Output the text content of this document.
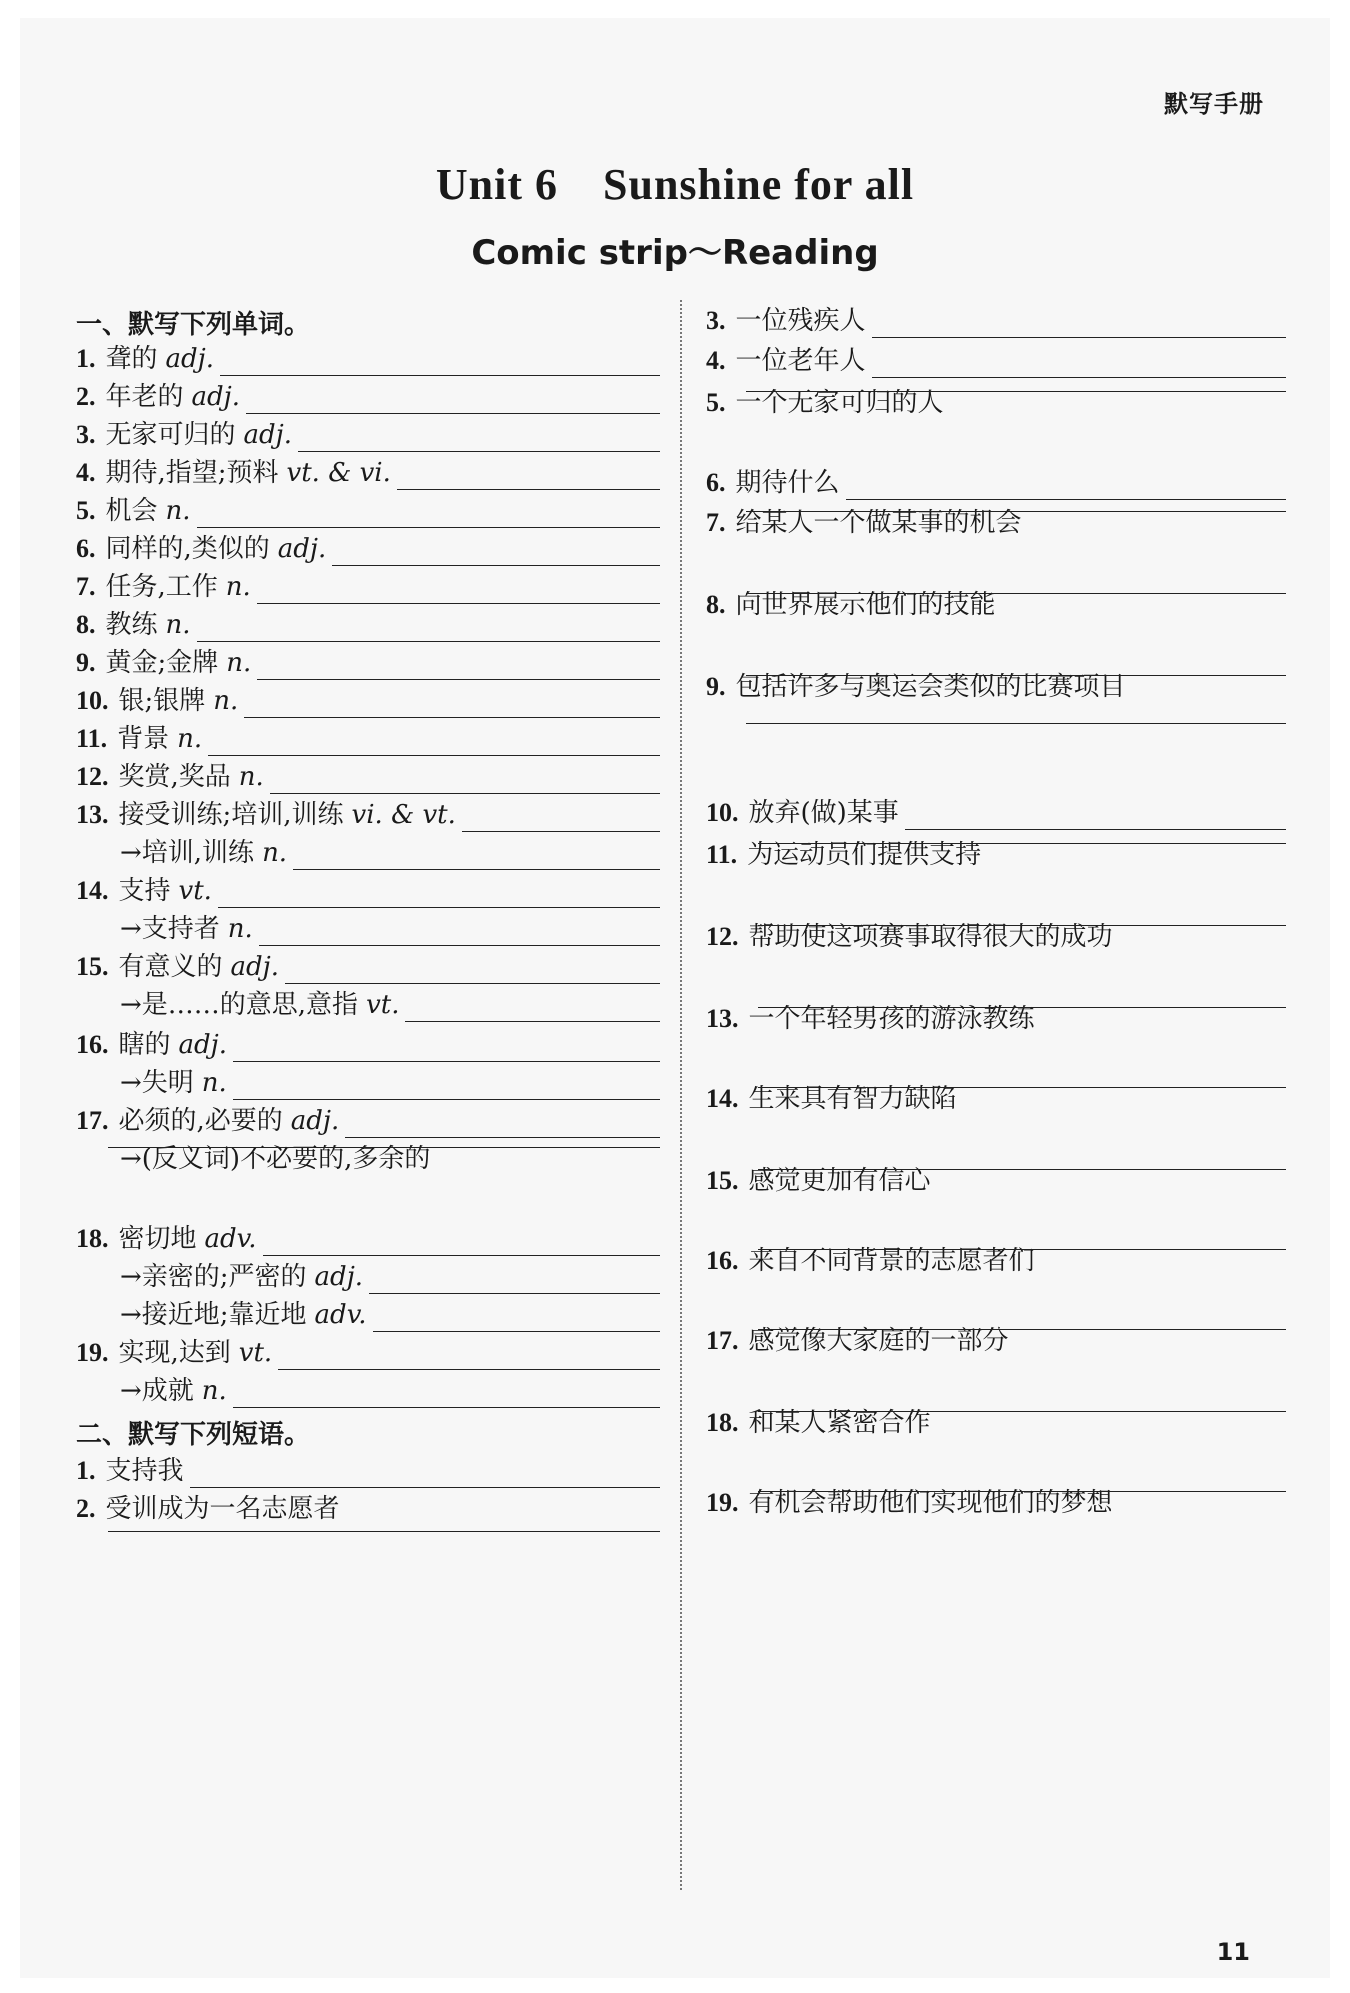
默写手册
Unit 6　Sunshine for all
Comic strip～Reading
一、默写下列单词。
1. 聋的 adj.
2. 年老的 adj.
3. 无家可归的 adj.
4. 期待,指望;预料 vt. & vi.
5. 机会 n.
6. 同样的,类似的 adj.
7. 任务,工作 n.
8. 教练 n.
9. 黄金;金牌 n.
10. 银;银牌 n.
11. 背景 n.
12. 奖赏,奖品 n.
13. 接受训练;培训,训练 vi. & vt.
→培训,训练 n.
14. 支持 vt.
→支持者 n.
15. 有意义的 adj.
→是……的意思,意指 vt.
16. 瞎的 adj.
→失明 n.
17. 必须的,必要的 adj.
→(反义词)不必要的,多余的
18. 密切地 adv.
→亲密的;严密的 adj.
→接近地;靠近地 adv.
19. 实现,达到 vt.
→成就 n.
二、默写下列短语。
1. 支持我
2. 受训成为一名志愿者
3. 一位残疾人
4. 一位老年人
5. 一个无家可归的人
6. 期待什么
7. 给某人一个做某事的机会
8. 向世界展示他们的技能
9. 包括许多与奥运会类似的比赛项目
10. 放弃(做)某事
11. 为运动员们提供支持
12. 帮助使这项赛事取得很大的成功
13. 一个年轻男孩的游泳教练
14. 生来具有智力缺陷
15. 感觉更加有信心
16. 来自不同背景的志愿者们
17. 感觉像大家庭的一部分
18. 和某人紧密合作
19. 有机会帮助他们实现他们的梦想
11
